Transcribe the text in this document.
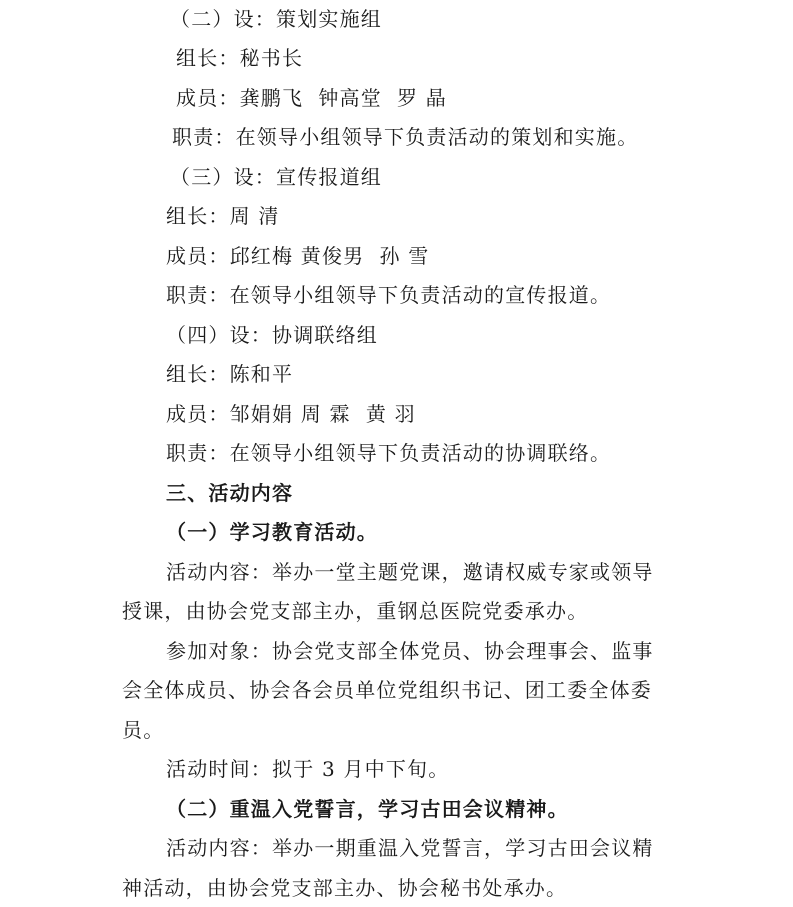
（二）设：策划实施组
组长：秘书长
成员：龚鹏飞  钟高堂  罗 晶
职责：在领导小组领导下负责活动的策划和实施。
（三）设：宣传报道组
组长：周 清
成员：邱红梅 黄俊男  孙 雪
职责：在领导小组领导下负责活动的宣传报道。
（四）设：协调联络组
组长：陈和平
成员：邹娟娟 周 霖  黄 羽
职责：在领导小组领导下负责活动的协调联络。
三、活动内容
（一）学习教育活动。
活动内容：举办一堂主题党课，邀请权威专家或领导
授课，由协会党支部主办，重钢总医院党委承办。
参加对象：协会党支部全体党员、协会理事会、监事
会全体成员、协会各会员单位党组织书记、团工委全体委
员。
活动时间：拟于 3 月中下旬。
（二）重温入党誓言，学习古田会议精神。
活动内容：举办一期重温入党誓言，学习古田会议精
神活动，由协会党支部主办、协会秘书处承办。
